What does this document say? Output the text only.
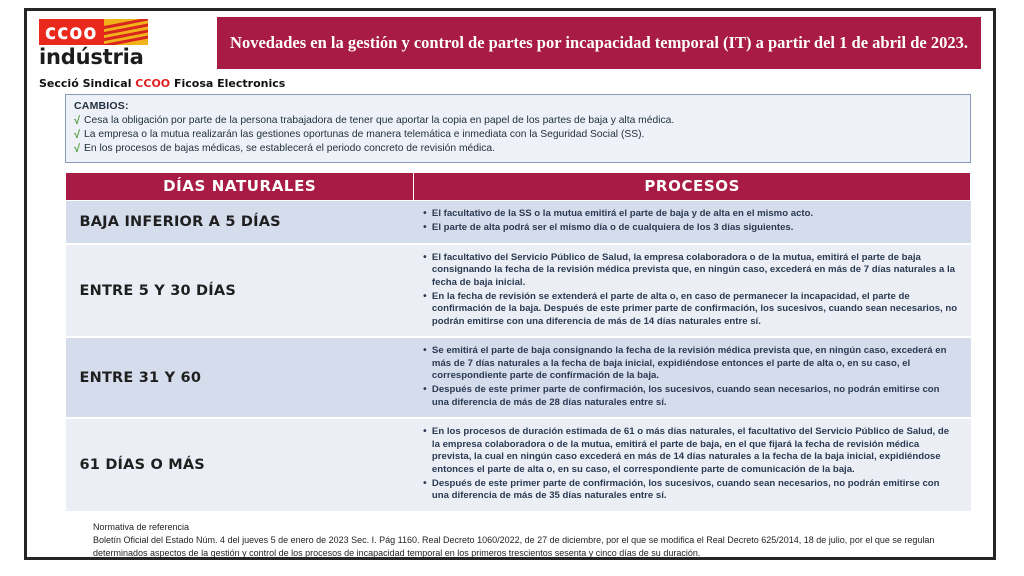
ccoo
indústria
Novedades en la gestión y control de partes por incapacidad temporal (IT) a partir del 1 de abril de 2023.
Secció Sindical CCOO Ficosa Electronics
CAMBIOS:
√ Cesa la obligación por parte de la persona trabajadora de tener que aportar la copia en papel de los partes de baja y alta médica.
√ La empresa o la mutua realizarán las gestiones oportunas de manera telemática e inmediata con la Seguridad Social (SS).
√ En los procesos de bajas médicas, se establecerá el periodo concreto de revisión médica.
DÍAS NATURALES	PROCESOS
BAJA INFERIOR A 5 DÍAS	• El facultativo de la SS o la mutua emitirá el parte de baja y de alta en el mismo acto.
• El parte de alta podrá ser el mismo día o de cualquiera de los 3 días siguientes.

ENTRE 5 Y 30 DÍAS	• El facultativo del Servicio Público de Salud, la empresa colaboradora o de la mutua, emitirá el parte de baja consignando la fecha de la revisión médica prevista que, en ningún caso, excederá en más de 7 días naturales a la fecha de baja inicial.
• En la fecha de revisión se extenderá el parte de alta o, en caso de permanecer la incapacidad, el parte de confirmación de la baja. Después de este primer parte de confirmación, los sucesivos, cuando sean necesarios, no podrán emitirse con una diferencia de más de 14 días naturales entre sí.

ENTRE 31 Y 60	• Se emitirá el parte de baja consignando la fecha de la revisión médica prevista que, en ningún caso, excederá en más de 7 días naturales a la fecha de baja inicial, expidiéndose entonces el parte de alta o, en su caso, el correspondiente parte de confirmación de la baja.
• Después de este primer parte de confirmación, los sucesivos, cuando sean necesarios, no podrán emitirse con una diferencia de más de 28 días naturales entre sí.

61 DÍAS O MÁS	• En los procesos de duración estimada de 61 o más días naturales, el facultativo del Servicio Público de Salud, de la empresa colaboradora o de la mutua, emitirá el parte de baja, en el que fijará la fecha de revisión médica prevista, la cual en ningún caso excederá en más de 14 días naturales a la fecha de la baja inicial, expidiéndose entonces el parte de alta o, en su caso, el correspondiente parte de comunicación de la baja.
• Después de este primer parte de confirmación, los sucesivos, cuando sean necesarios, no podrán emitirse con una diferencia de más de 35 días naturales entre sí.
Normativa de referencia
Boletín Oficial del Estado Núm. 4 del jueves 5 de enero de 2023 Sec. I. Pág 1160. Real Decreto 1060/2022, de 27 de diciembre, por el que se modifica el Real Decreto 625/2014, 18 de julio, por el que se regulan determinados aspectos de la gestión y control de los procesos de incapacidad temporal en los primeros trescientos sesenta y cinco días de su duración.
